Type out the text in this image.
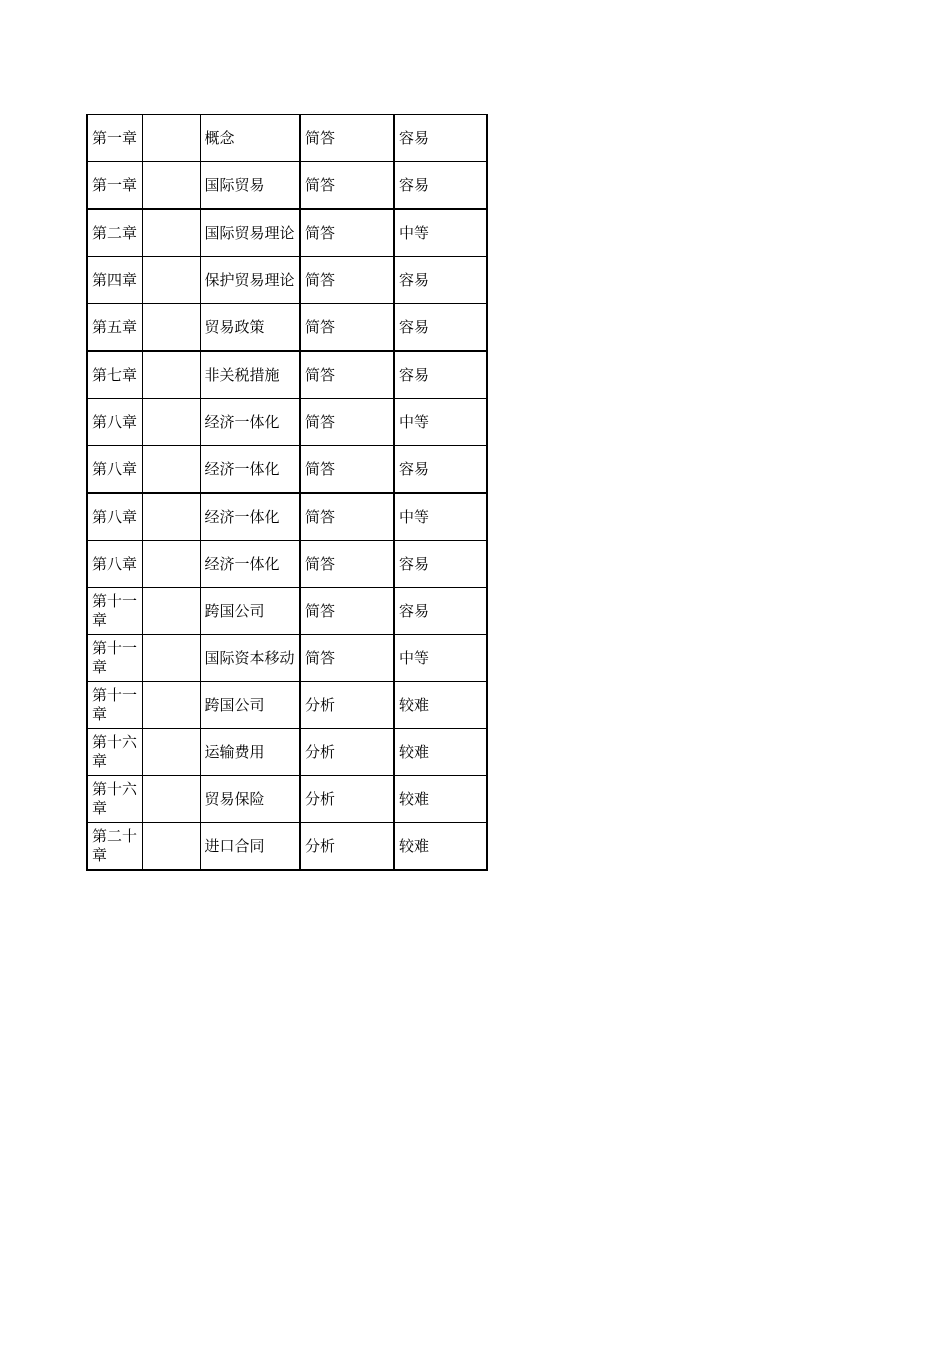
第一章		概念	简答	容易
第一章		国际贸易	简答	容易
第二章		国际贸易理论	简答	中等
第四章		保护贸易理论	简答	容易
第五章		贸易政策	简答	容易
第七章		非关税措施	简答	容易
第八章		经济一体化	简答	中等
第八章		经济一体化	简答	容易
第八章		经济一体化	简答	中等
第八章		经济一体化	简答	容易
第十一章		跨国公司	简答	容易
第十一章		国际资本移动	简答	中等
第十一章		跨国公司	分析	较难
第十六章		运输费用	分析	较难
第十六章		贸易保险	分析	较难
第二十章		进口合同	分析	较难
